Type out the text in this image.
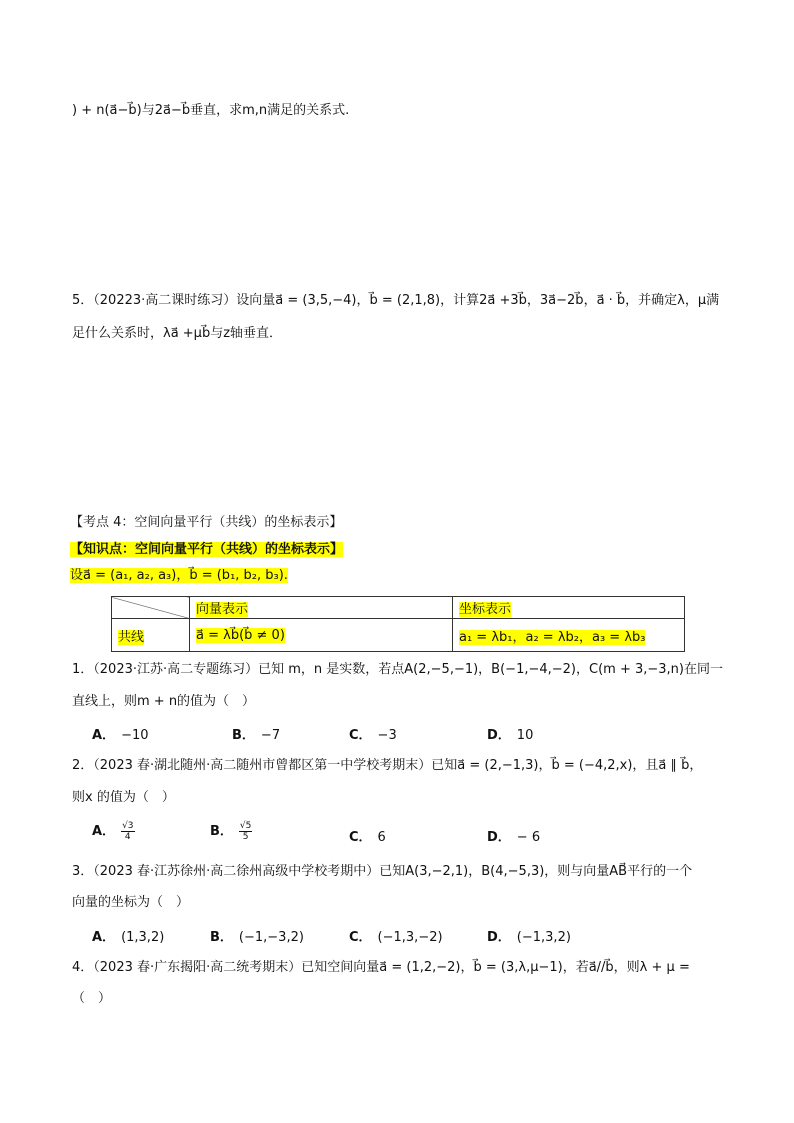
) + n(a⃗−b⃗)与2a⃗−b⃗垂直，求m,n满足的关系式.
5．（20223·高二课时练习）设向量a⃗ = (3,5,−4)，b⃗ = (2,1,8)，计算2a⃗ +3b⃗，3a⃗−2b⃗，a⃗ · b⃗，并确定λ，μ满
足什么关系时，λa⃗ +μb⃗与z轴垂直．
【考点 4：空间向量平行（共线）的坐标表示】
【知识点：空间向量平行（共线）的坐标表示】
设a⃗ = (a₁, a₂, a₃)，b⃗ = (b₁, b₂, b₃).
	向量表示	坐标表示
共线	a⃗ = λb⃗(b⃗ ≠ 0)	a₁ = λb₁，a₂ = λb₂，a₃ = λb₃
1．（2023·江苏·高二专题练习）已知 m，n 是实数，若点A(2,−5,−1)，B(−1,−4,−2)，C(m + 3,−3,n)在同一
直线上，则m + n的值为（　）
A． −10	B． −7	C． −3	D． 10
2．（2023 春·湖北随州·高二随州市曾都区第一中学校考期末）已知a⃗ = (2,−1,3)，b⃗ = (−4,2,x)，且a⃗ ∥ b⃗，
则x 的值为（　）
A． $\frac{√3}{4}$	B． $\frac{√5}{5}$	C． 6	D． − 6
3．（2023 春·江苏徐州·高二徐州高级中学校考期中）已知A(3,−2,1)，B(4,−5,3)，则与向量AB⃗平行的一个
向量的坐标为（　）
A． (1,3,2)	B． (−1,−3,2)	C． (−1,3,−2)	D． (−1,3,2)
4．（2023 春·广东揭阳·高二统考期末）已知空间向量a⃗ = (1,2,−2)，b⃗ = (3,λ,μ−1)，若a⃗//b⃗，则λ + μ =
（　）
